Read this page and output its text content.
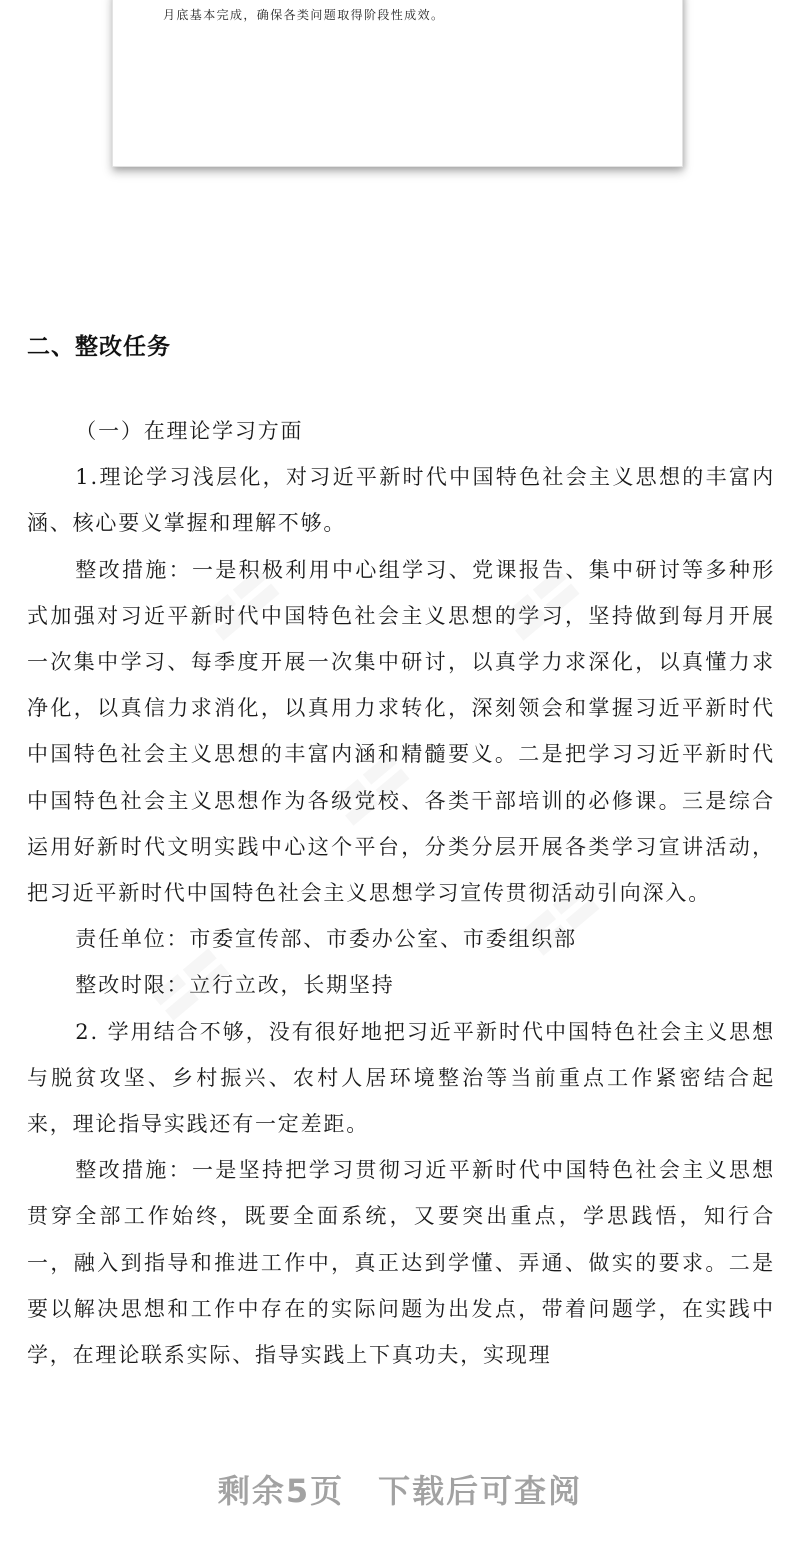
月底基本完成，确保各类问题取得阶段性成效。
二、整改任务

（一）在理论学习方面

1.理论学习浅层化，对习近平新时代中国特色社会主义思想的丰富内涵、核心要义掌握和理解不够。

整改措施：一是积极利用中心组学习、党课报告、集中研讨等多种形式加强对习近平新时代中国特色社会主义思想的学习，坚持做到每月开展一次集中学习、每季度开展一次集中研讨，以真学力求深化，以真懂力求净化，以真信力求消化，以真用力求转化，深刻领会和掌握习近平新时代中国特色社会主义思想的丰富内涵和精髓要义。二是把学习习近平新时代中国特色社会主义思想作为各级党校、各类干部培训的必修课。三是综合运用好新时代文明实践中心这个平台，分类分层开展各类学习宣讲活动，把习近平新时代中国特色社会主义思想学习宣传贯彻活动引向深入。

责任单位：市委宣传部、市委办公室、市委组织部

整改时限：立行立改，长期坚持

2. 学用结合不够，没有很好地把习近平新时代中国特色社会主义思想与脱贫攻坚、乡村振兴、农村人居环境整治等当前重点工作紧密结合起来，理论指导实践还有一定差距。

整改措施：一是坚持把学习贯彻习近平新时代中国特色社会主义思想贯穿全部工作始终，既要全面系统，又要突出重点，学思践悟，知行合一，融入到指导和推进工作中，真正达到学懂、弄通、做实的要求。二是要以解决思想和工作中存在的实际问题为出发点，带着问题学，在实践中学，在理论联系实际、指导实践上下真功夫，实现理

剩余5页 下载后可查阅
